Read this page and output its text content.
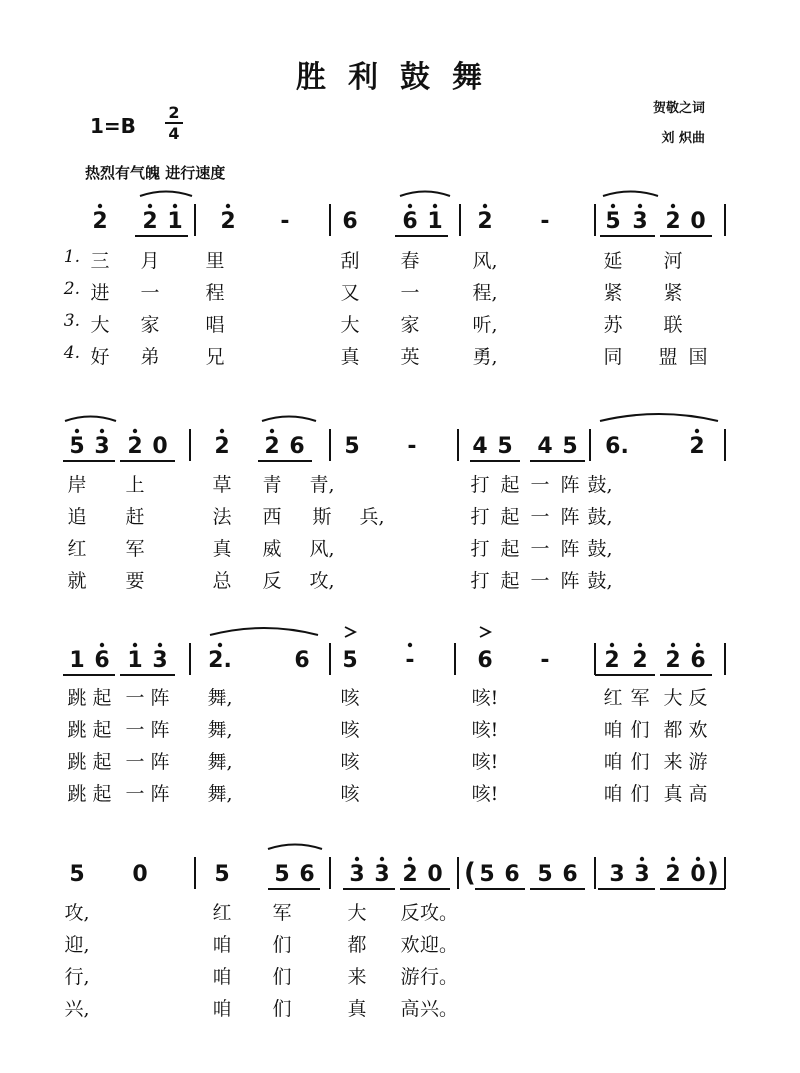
胜利鼓舞
1=B
2
4
贺敬之词
刘 炽曲
热烈有气魄 进行速度
2 2 1 2 - 6 6 1 2 -	5 3 2 0
5 3 2 0 2 2 6 5 -	4 5 4 5 6.	2
1 6 1 3 2.	6 5 -	6 - 2 2 2 6
5 0	5 5 6 3 3 2 0 ( 5 6 5 6 3 3 2 0 )
三 月 里	刮 春	风,	延 河
1.
进 一 程	又 一	程,	紧 紧
2.
大 家 唱	大 家	听,	苏 联
3.
好 弟 兄	真 英	勇,	同 盟 国
4.
岸 上	草 青 青,	打 起 一 阵 鼓,
追 赶	法 西 斯 兵,	打 起 一 阵 鼓,
红 军	真 威 风,	打 起 一 阵 鼓,
就 要	总 反 攻,	打 起 一 阵 鼓,
跳 起 一 阵 舞,	咳	咳!	红 军 大 反
跳 起 一 阵 舞,	咳	咳!	咱 们 都 欢
跳 起 一 阵 舞,	咳	咳!	咱 们 来 游
跳 起 一 阵 舞,	咳	咳!	咱 们 真 高
攻,	红 军	大 反 攻。
迎,	咱 们	都 欢 迎。
行,	咱 们	来 游 行。
兴,	咱 们	真 高 兴。
